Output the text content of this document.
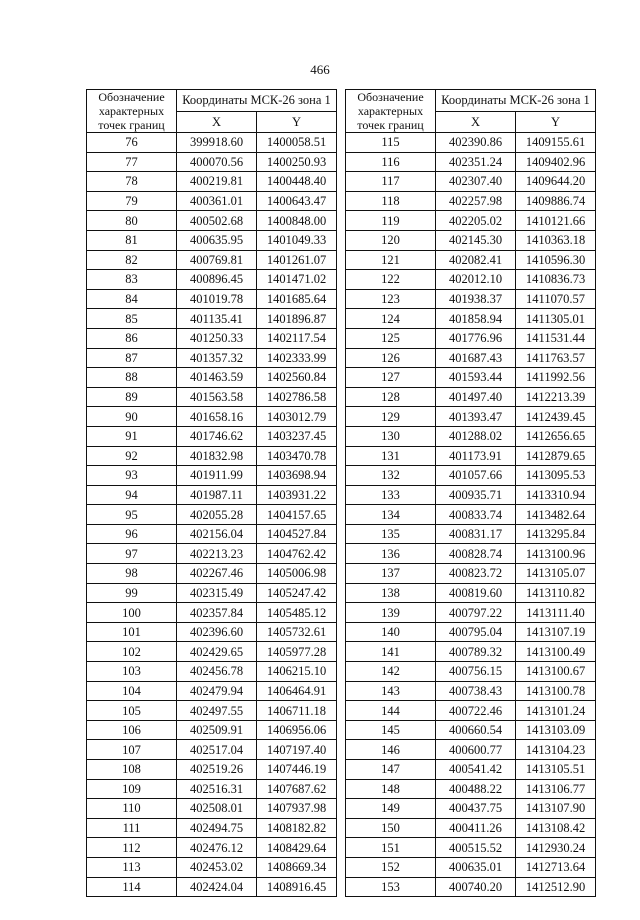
466
Обозначение характерных точек границ	Координаты МСК-26 зона 1	
	X	Y
76	399918.60	1400058.51
77	400070.56	1400250.93
78	400219.81	1400448.40
79	400361.01	1400643.47
80	400502.68	1400848.00
81	400635.95	1401049.33
82	400769.81	1401261.07
83	400896.45	1401471.02
84	401019.78	1401685.64
85	401135.41	1401896.87
86	401250.33	1402117.54
87	401357.32	1402333.99
88	401463.59	1402560.84
89	401563.58	1402786.58
90	401658.16	1403012.79
91	401746.62	1403237.45
92	401832.98	1403470.78
93	401911.99	1403698.94
94	401987.11	1403931.22
95	402055.28	1404157.65
96	402156.04	1404527.84
97	402213.23	1404762.42
98	402267.46	1405006.98
99	402315.49	1405247.42
100	402357.84	1405485.12
101	402396.60	1405732.61
102	402429.65	1405977.28
103	402456.78	1406215.10
104	402479.94	1406464.91
105	402497.55	1406711.18
106	402509.91	1406956.06
107	402517.04	1407197.40
108	402519.26	1407446.19
109	402516.31	1407687.62
110	402508.01	1407937.98
111	402494.75	1408182.82
112	402476.12	1408429.64
113	402453.02	1408669.34
114	402424.04	1408916.45
Обозначение характерных точек границ	Координаты МСК-26 зона 1	
	X	Y
115	402390.86	1409155.61
116	402351.24	1409402.96
117	402307.40	1409644.20
118	402257.98	1409886.74
119	402205.02	1410121.66
120	402145.30	1410363.18
121	402082.41	1410596.30
122	402012.10	1410836.73
123	401938.37	1411070.57
124	401858.94	1411305.01
125	401776.96	1411531.44
126	401687.43	1411763.57
127	401593.44	1411992.56
128	401497.40	1412213.39
129	401393.47	1412439.45
130	401288.02	1412656.65
131	401173.91	1412879.65
132	401057.66	1413095.53
133	400935.71	1413310.94
134	400833.74	1413482.64
135	400831.17	1413295.84
136	400828.74	1413100.96
137	400823.72	1413105.07
138	400819.60	1413110.82
139	400797.22	1413111.40
140	400795.04	1413107.19
141	400789.32	1413100.49
142	400756.15	1413100.67
143	400738.43	1413100.78
144	400722.46	1413101.24
145	400660.54	1413103.09
146	400600.77	1413104.23
147	400541.42	1413105.51
148	400488.22	1413106.77
149	400437.75	1413107.90
150	400411.26	1413108.42
151	400515.52	1412930.24
152	400635.01	1412713.64
153	400740.20	1412512.90
